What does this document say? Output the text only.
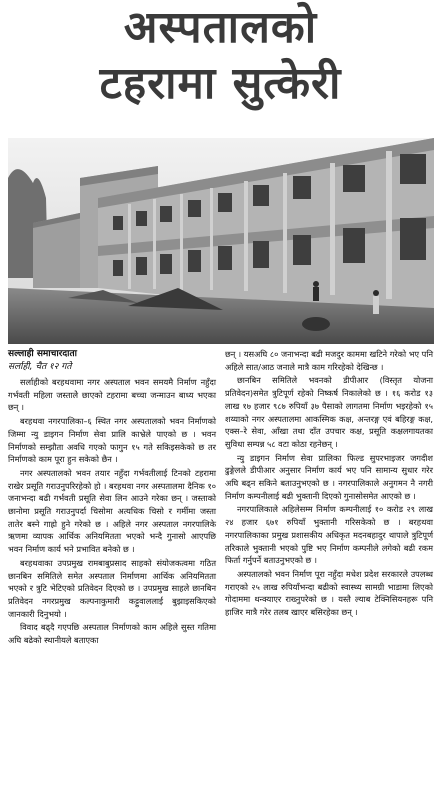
अस्पतालको
टहरामा सुत्केरी
सल्लाही समाचारदाता
सर्लाही, चैत १२ गते

सर्लाहीको बरहथवामा नगर अस्पताल भवन समयमै निर्माण नहुँदा गर्भवती महिला जस्तालेे छाएको टहरामा बच्चा जन्माउन बाध्य भएका छन् ।

बरहथवा नगरपालिका–६ स्थित नगर अस्पतालको भवन निर्माणको जिम्मा न्यु डाइगन निर्माण सेवा प्रालि काभ्रेले पाएको छ । भवन निर्माणको सम्झौता अवधि गएको फागुन १५ गते सकिइसकेको छ तर निर्माणको काम पूरा हुन सकेको छैन ।

नगर अस्पतालको भवन तयार नहुँदा गर्भवतीलाई टिनको टहरामा राखेर प्रसूति गराउनुपरिरहेको हो । बरहथवा नगर अस्पतालमा दैनिक १० जनाभन्दा बढी गर्भवती प्रसूति सेवा लिन आउने गरेका छन् । जस्ताको छानोमा प्रसूति गराउनुपर्दा चिसोमा अत्यधिक चिसो र गर्मीमा जस्ता तातेर बस्ने गाह्रो हुने गरेको छ । अहिले नगर अस्पताल नगरपालिके ऋणमा व्यापक आर्थिक अनियमितता भएको भन्दै गुनासो आएपछि भवन निर्माण कार्य भने प्रभावित बनेको छ ।

बरहथवाका उपप्रमुख रामबाबुप्रसाद साहको संयोजकत्वमा गठित छानबिन समितिले समेत अस्पताल निर्माणमा आर्थिक अनियमितता भएको र त्रुटि भेटिएको प्रतिवेदन दिएको छ । उपप्रमुख साहले छानबिन प्रतिवेदन नगरप्रमुख कल्पनाकुमारी कट्टुवाललाई बुझाइसकिएको जानकारी दिनुभयो ।

विवाद बढ्दै गएपछि अस्पताल निर्माणको काम अहिले सुस्त गतिमा अघि बढेको स्थानीयले बताएका

छन् । यसअघि ८० जनाभन्दा बढी मजदुर काममा खटिने गरेको भए पनि अहिले सात/आठ जनाले मात्रै काम गरिरहेको देखिन्छ ।

छानबिन समितिले भवनको डीपीआर (विस्तृत योजना प्रतिवेदन)समेत त्रुटिपूर्ण रहेको निष्कर्ष निकालेको छ । १६ करोड १३ लाख १७ हजार ९८७ रुपियाँ ३७ पैसाको लागतमा निर्माण भइरहेको १५ शय्याको नगर अस्पतालमा आकस्मिक कक्ष, अन्तरङ्ग एवं बहिरङ्ग कक्ष, एक्स–रे सेवा, आँखा तथा दाँत उपचार कक्ष, प्रसूति कक्षलगायतका सुविधा सम्पन्न ५८ वटा कोठा रहनेछन् ।

न्यु डाइगन निर्माण सेवा प्रालिका फिल्ड सुपरभाइजर जगदीश ढुङ्गेलले डीपीआर अनुसार निर्माण कार्य भए पनि सामान्य सुधार गरेर अघि बढ्न सकिने बताउनुभएको छ । नगरपालिकाले अनुगमन नै नगरी निर्माण कम्पनीलाई बढी भुक्तानी दिएको गुनासोसमेत आएको छ ।

नगरपालिकाले अहिलेसम्म निर्माण कम्पनीलाई १० करोड २९ लाख २४ हजार ६७१ रुपियाँ भुक्तानी गरिसकेको छ । बरहथवा नगरपालिकाका प्रमुख प्रशासकीय अधिकृत मदनबहादुर थापाले त्रुटिपूर्ण तरिकाले भुक्तानी भएको पुष्टि भए निर्माण कम्पनीले लगेको बढी रकम फिर्ता गर्नुपर्ने बताउनुभएको छ ।

अस्पतालको भवन निर्माण पूरा नहुँदा मधेश प्रदेश सरकारले उपलब्ध गराएको २५ लाख रुपियाँभन्दा बढीको स्वास्थ्य सामग्री भाडामा लिएको गोदाममा थन्क्याएर राख्नुपरेको छ । यस्तै ल्याब टेक्निसियनहरू पनि हाजिर मात्रै गरेर तलब खाएर बसिरहेका छन् ।
